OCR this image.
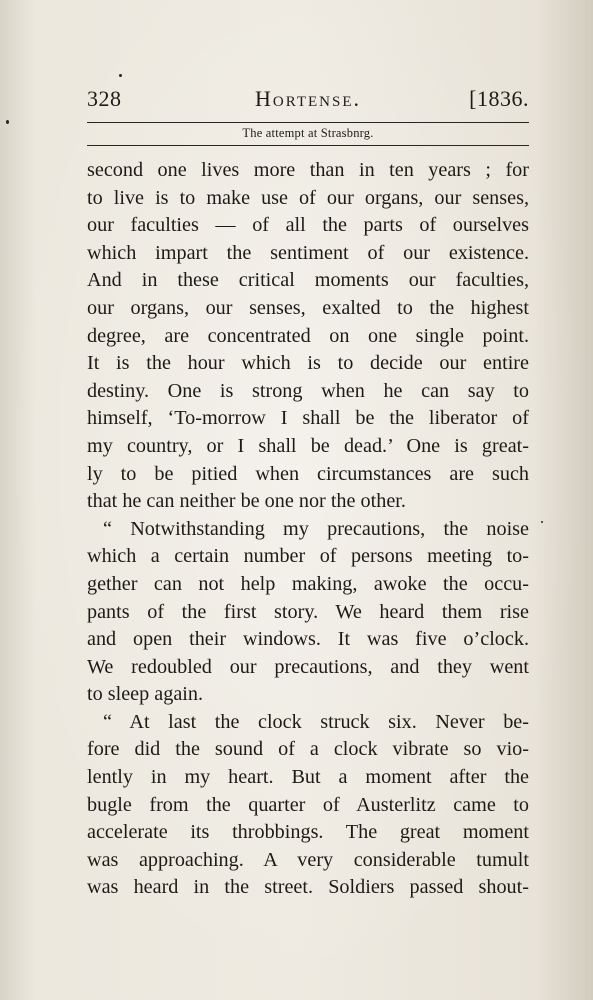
328	Hortense.	[1836.
The attempt at Strasbnrg.
second one lives more than in ten years ; for
to live is to make use of our organs, our senses,
our faculties — of all the parts of ourselves
which impart the sentiment of our existence.
And in these critical moments our faculties,
our organs, our senses, exalted to the highest
degree, are concentrated on one single point.
It is the hour which is to decide our entire
destiny. One is strong when he can say to
himself, ‘To-morrow I shall be the liberator of
my country, or I shall be dead.’ One is great-
ly to be pitied when circumstances are such
that he can neither be one nor the other.
“ Notwithstanding my precautions, the noise
which a certain number of persons meeting to-
gether can not help making, awoke the occu-
pants of the first story. We heard them rise
and open their windows. It was five o’clock.
We redoubled our precautions, and they went
to sleep again.
“ At last the clock struck six. Never be-
fore did the sound of a clock vibrate so vio-
lently in my heart. But a moment after the
bugle from the quarter of Austerlitz came to
accelerate its throbbings. The great moment
was approaching. A very considerable tumult
was heard in the street. Soldiers passed shout-
